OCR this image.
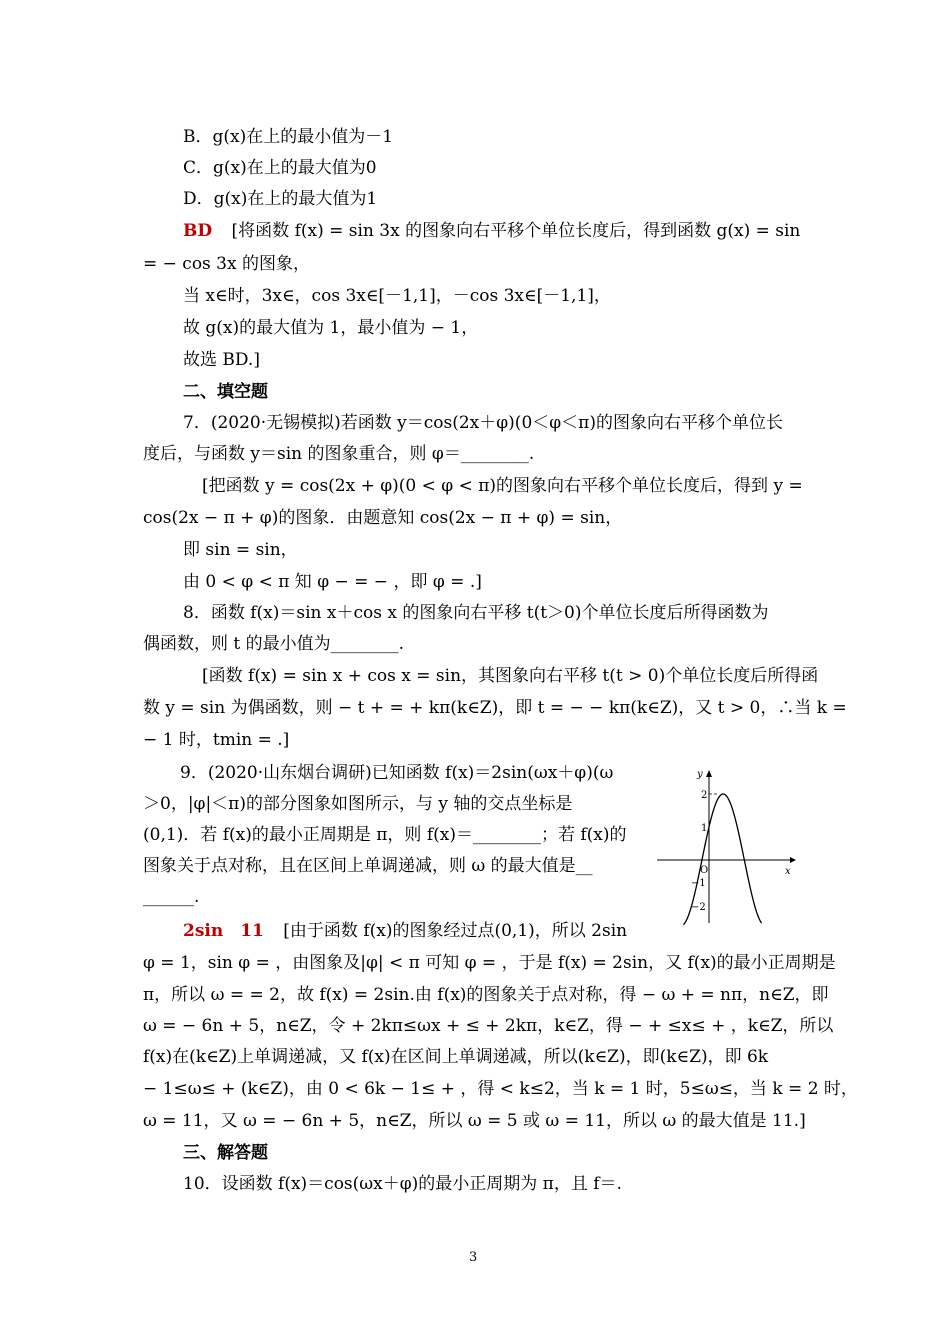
B．g(x)在上的最小值为－1
C．g(x)在上的最大值为0
D．g(x)在上的最大值为1
BD [将函数 f(x) = sin 3x 的图象向右平移个单位长度后，得到函数 g(x) = sin
= − cos 3x 的图象，
当 x∈时，3x∈，cos 3x∈[－1,1]，－cos 3x∈[－1,1]，
故 g(x)的最大值为 1，最小值为 − 1，
故选 BD.]
二、填空题
7．(2020·无锡模拟)若函数 y＝cos(2x＋φ)(0＜φ＜π)的图象向右平移个单位长
度后，与函数 y＝sin 的图象重合，则 φ＝________.
[把函数 y = cos(2x + φ)(0 < φ < π)的图象向右平移个单位长度后，得到 y =
cos(2x − π + φ)的图象．由题意知 cos(2x − π + φ) = sin，
即 sin = sin，
由 0 < φ < π 知 φ − = − ，即 φ = .]
8．函数 f(x)＝sin x＋cos x 的图象向右平移 t(t＞0)个单位长度后所得函数为
偶函数，则 t 的最小值为________.
[函数 f(x) = sin x + cos x = sin，其图象向右平移 t(t > 0)个单位长度后所得函
数 y = sin 为偶函数，则 − t + = + kπ(k∈Z)，即 t = − − kπ(k∈Z)，又 t > 0，∴当 k =
− 1 时，tmin = .]
9．(2020·山东烟台调研)已知函数 f(x)＝2sin(ωx＋φ)(ω
＞0，|φ|＜π)的部分图象如图所示，与 y 轴的交点坐标是
(0,1)．若 f(x)的最小正周期是 π，则 f(x)＝________；若 f(x)的
图象关于点对称，且在区间上单调递减，则 ω 的最大值是__
______.
y
x
O
2
1
−1
−2
2sin　11 [由于函数 f(x)的图象经过点(0,1)，所以 2sin
φ = 1，sin φ = ，由图象及|φ| < π 可知 φ = ，于是 f(x) = 2sin，又 f(x)的最小正周期是
π，所以 ω = = 2，故 f(x) = 2sin.由 f(x)的图象关于点对称，得 − ω + = nπ，n∈Z，即
ω = − 6n + 5，n∈Z，令 + 2kπ≤ωx + ≤ + 2kπ，k∈Z，得 − + ≤x≤ + ，k∈Z，所以
f(x)在(k∈Z)上单调递减，又 f(x)在区间上单调递减，所以(k∈Z)，即(k∈Z)，即 6k
− 1≤ω≤ + (k∈Z)，由 0 < 6k − 1≤ + ，得 < k≤2，当 k = 1 时，5≤ω≤，当 k = 2 时，
ω = 11，又 ω = − 6n + 5，n∈Z，所以 ω = 5 或 ω = 11，所以 ω 的最大值是 11.]
三、解答题
10．设函数 f(x)＝cos(ωx＋φ)的最小正周期为 π，且 f＝.
3
